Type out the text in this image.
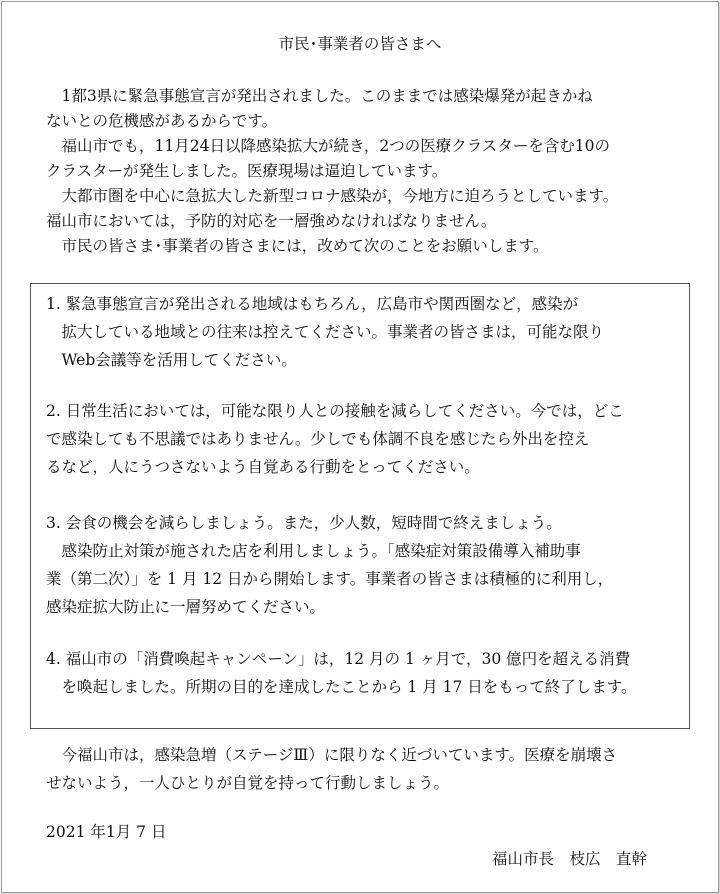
市民･事業者の皆さまへ
　1都3県に緊急事態宣言が発出されました。このままでは感染爆発が起きかね
ないとの危機感があるからです。
　福山市でも，11月24日以降感染拡大が続き，2つの医療クラスターを含む10の
クラスターが発生しました。医療現場は逼迫しています。
　大都市圏を中心に急拡大した新型コロナ感染が，今地方に迫ろうとしています。
福山市においては，予防的対応を一層強めなければなりません。
　市民の皆さま･事業者の皆さまには，改めて次のことをお願いします。
1. 緊急事態宣言が発出される地域はもちろん，広島市や関西圏など，感染が
　拡大している地域との往来は控えてください。事業者の皆さまは，可能な限り
　Web会議等を活用してください。
2. 日常生活においては，可能な限り人との接触を減らしてください。今では，どこ
で感染しても不思議ではありません。少しでも体調不良を感じたら外出を控え
るなど，人にうつさないよう自覚ある行動をとってください。
3. 会食の機会を減らしましょう。また，少人数，短時間で終えましょう。
　感染防止対策が施された店を利用しましょう。「感染症対策設備導入補助事
業（第二次）」を 1 月 12 日から開始します。事業者の皆さまは積極的に利用し，
感染症拡大防止に一層努めてください。
4. 福山市の「消費喚起キャンペーン」は，12 月の 1 ヶ月で，30 億円を超える消費
　を喚起しました。所期の目的を達成したことから 1 月 17 日をもって終了します。
　今福山市は，感染急増（ステージⅢ）に限りなく近づいています。医療を崩壊さ
せないよう，一人ひとりが自覚を持って行動しましょう。
2021 年1月 7 日
福山市長　枝広　直幹
